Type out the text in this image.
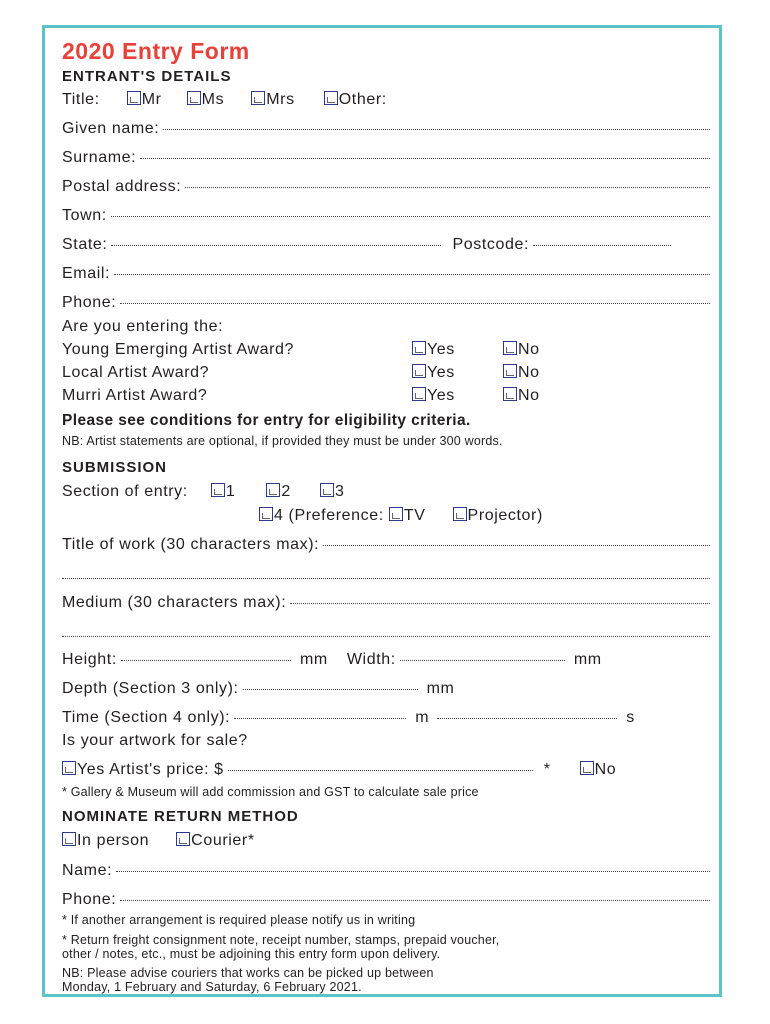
2020 Entry Form
ENTRANT'S DETAILS
Title:	Mr	Ms	Mrs	Other:
Given name:
Surname:
Postal address:
Town:
State:	Postcode:
Email:
Phone:
Are you entering the:
Young Emerging Artist Award?	Yes	No
Local Artist Award?	Yes	No
Murri Artist Award?	Yes	No
Please see conditions for entry for eligibility criteria.
NB: Artist statements are optional, if provided they must be under 300 words.
SUBMISSION
Section of entry: 1	2	3
4 (Preference: TV	Projector)
Title of work (30 characters max):
Medium (30 characters max):
Height:	mm Width:	mm
Depth (Section 3 only):	mm
Time (Section 4 only):	m	s
Is your artwork for sale?
Yes Artist's price: $	*	No
* Gallery & Museum will add commission and GST to calculate sale price
NOMINATE RETURN METHOD
In person	Courier*
Name:
Phone:
* If another arrangement is required please notify us in writing
* Return freight consignment note, receipt number, stamps, prepaid voucher,
other / notes, etc., must be adjoining this entry form upon delivery.
NB: Please advise couriers that works can be picked up between
Monday, 1 February and Saturday, 6 February 2021.
